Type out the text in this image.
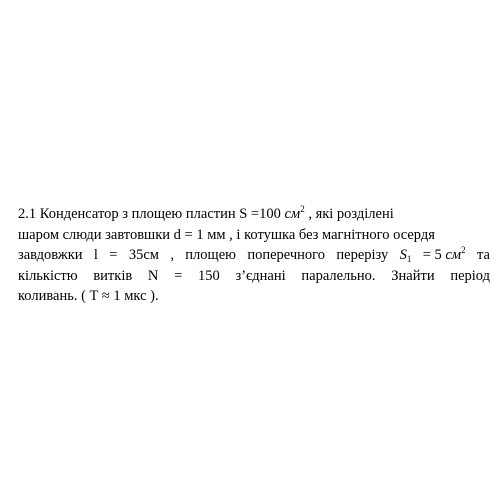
2.1 Конденсатор з площею пластин S =100 $см^2$ , які розділені
шаром слюди завтовшки d = 1 мм , і котушка без магнітного осердя
завдовжки l = 35см , площею поперечного перерізу $S_1 = 5$ $см^2$ та
кількістю витків N = 150 з’єднані паралельно. Знайти період
коливань. ( T ≈ 1 мкс ).
